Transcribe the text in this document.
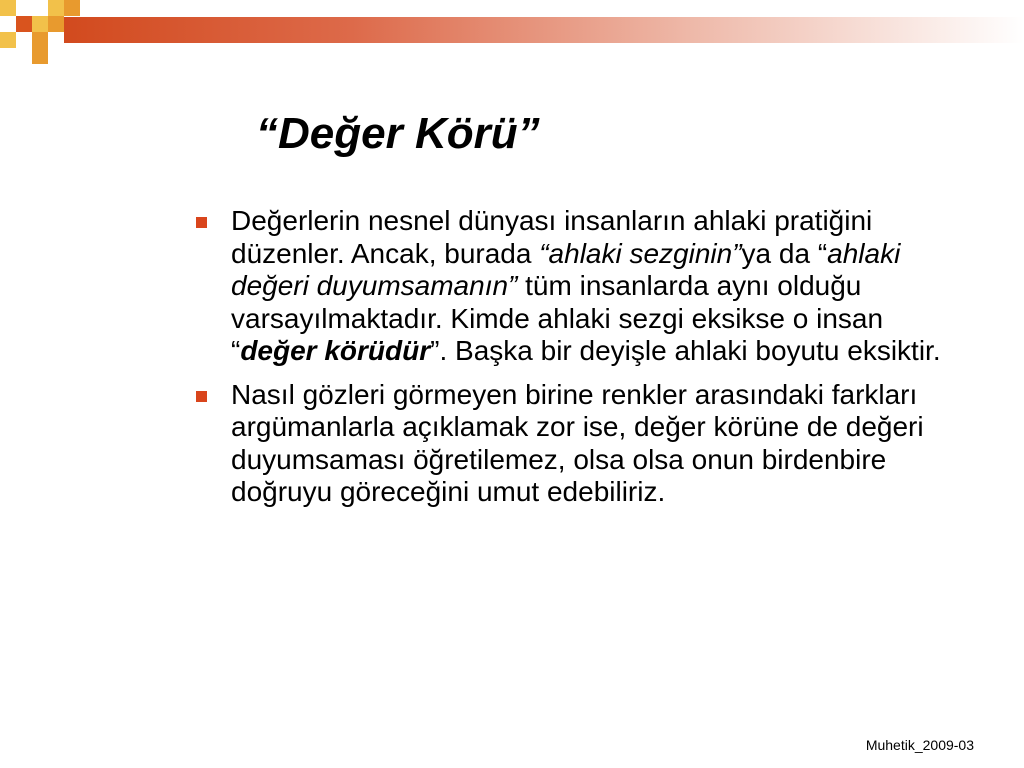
“Değer Körü”
Değerlerin nesnel dünyası insanların ahlaki pratiğini düzenler. Ancak, burada “ahlaki sezginin”ya da “ahlaki değeri duyumsamanın” tüm insanlarda aynı olduğu varsayılmaktadır. Kimde ahlaki sezgi eksikse o insan “değer körüdür”. Başka bir deyişle ahlaki boyutu eksiktir.
Nasıl gözleri görmeyen birine renkler arasındaki farkları argümanlarla açıklamak zor ise, değer körüne de değeri duyumsaması öğretilemez, olsa olsa onun birdenbire doğruyu göreceğini umut edebiliriz.
Muhetik_2009-03
